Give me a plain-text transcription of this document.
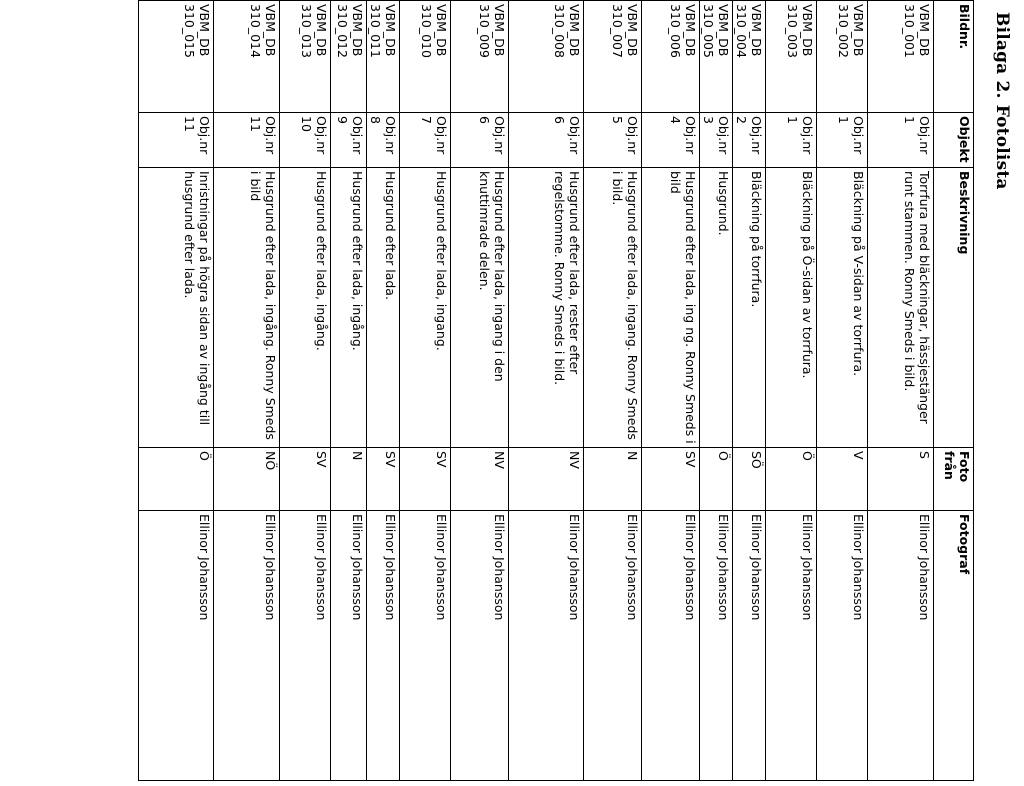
Bilaga 2. Fotolista
Bildnr.	Objekt	Beskrivning	Foto från	Fotograf
VBM_DB 310_001	Obj.nr 1	Torrfura med bläckningar, hässjestänger runt stammen. Ronny Smeds i bild.	S	Ellinor Johansson
VBM_DB 310_002	Obj.nr 1	Bläckning på V-sidan av torrfura.	V	Ellinor Johansson
VBM_DB 310_003	Obj.nr 1	Bläckning på Ö-sidan av torrfura.	Ö	Ellinor Johansson
VBM_DB 310_004	Obj.nr 2	Bläckning på torrfura.	SÖ	Ellinor Johansson
VBM_DB 310_005	Obj.nr 3	Husgrund.	Ö	Ellinor Johansson
VBM_DB 310_006	Obj.nr 4	Husgrund efter lada, ing ng. Ronny Smeds i bild	SV	Ellinor Johansson
VBM_DB 310_007	Obj.nr 5	Husgrund efter lada, ingang. Ronny Smeds i bild.	N	Ellinor Johansson
VBM_DB 310_008	Obj.nr 6	Husgrund efter lada, rester efter regelstomme. Ronny Smeds i bild.	NV	Ellinor Johansson
VBM_DB 310_009	Obj.nr 6	Husgrund efter lada, ingang i den knuttimrade delen.	NV	Ellinor Johansson
VBM_DB 310_010	Obj.nr 7	Husgrund efter lada, ingang.	SV	Ellinor Johansson
VBM_DB 310_011	Obj.nr 8	Husgrund efter lada.	SV	Ellinor Johansson
VBM_DB 310_012	Obj.nr 9	Husgrund efter lada, ingång.	N	Ellinor Johansson
VBM_DB 310_013	Obj.nr 10	Husgrund efter lada, ingång.	SV	Ellinor Johansson
VBM_DB 310_014	Obj.nr 11	Husgrund efter lada, ingång. Ronny Smeds i bild	NÖ	Ellinor Johansson
VBM_DB 310_015	Obj.nr 11	Inristningar på högra sidan av ingång till husgrund efter lada.	Ö	Ellinor Johansson
